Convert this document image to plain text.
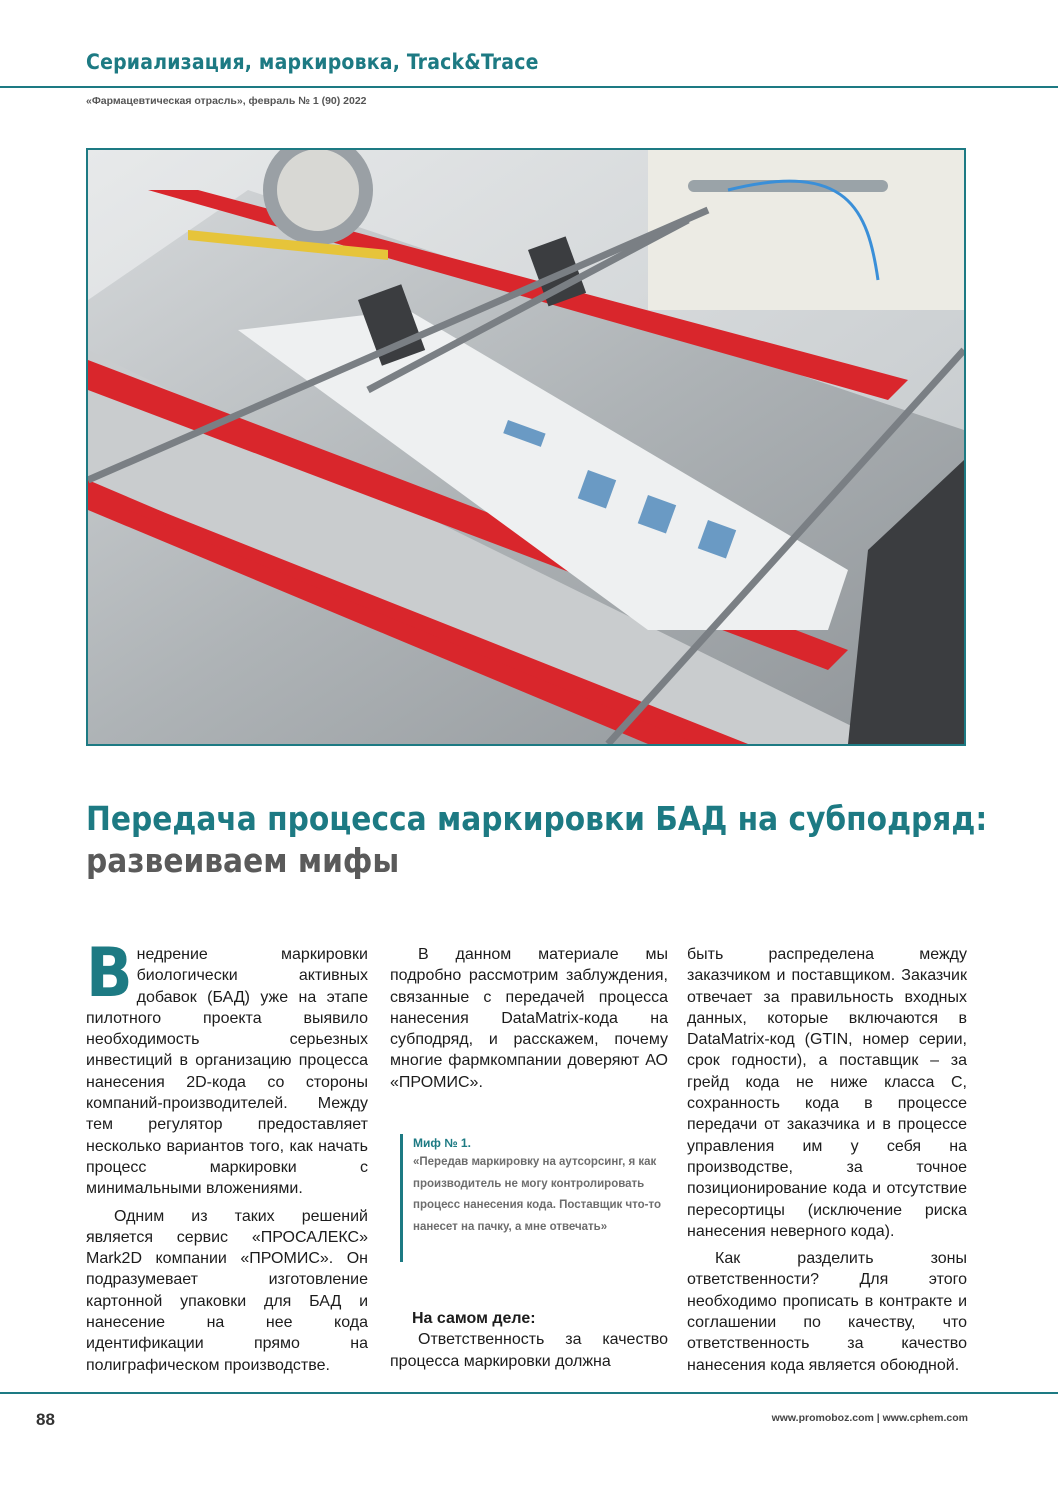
Сериализация, маркировка, Track&Trace
«Фармацевтическая отрасль», февраль № 1 (90) 2022
Передача процесса маркировки БАД на субподряд:
развеиваем мифы

Внедрение маркировки биологически активных добавок (БАД) уже на этапе пилотного проекта выявило необходимость серьезных инвестиций в организацию процесса нанесения 2D-кода со стороны компаний-производителей. Между тем регулятор предоставляет несколько вариантов того, как начать процесс маркировки с минимальными вложениями.

Одним из таких решений является сервис «ПРОСАЛЕКС» Mark2D компании «ПРОМИС». Он подразумевает изготовление картонной упаковки для БАД и нанесение на нее кода идентификации прямо на полиграфическом производстве.

В данном материале мы подробно рассмотрим заблуждения, связанные с передачей процесса нанесения DataMatrix-кода на субподряд, и расскажем, почему многие фармкомпании доверяют АО «ПРОМИС».

Миф № 1.
«Передав маркировку на аутсорсинг, я как производитель не могу контролировать процесс нанесения кода. Поставщик что-то нанесет на пачку, а мне отвечать»

На самом деле:

Ответственность за качество процесса маркировки должна

быть распределена между заказчиком и поставщиком. Заказчик отвечает за правильность входных данных, которые включаются в DataMatrix-код (GTIN, номер серии, срок годности), а поставщик – за грейд кода не ниже класса С, сохранность кода в процессе передачи от заказчика и в процессе управления им у себя на производстве, за точное позиционирование кода и отсутствие пересортицы (исключение риска нанесения неверного кода).

Как разделить зоны ответственности? Для этого необходимо прописать в контракте и соглашении по качеству, что ответственность за качество нанесения кода является обоюдной.

88	www.promoboz.com | www.cphem.com
